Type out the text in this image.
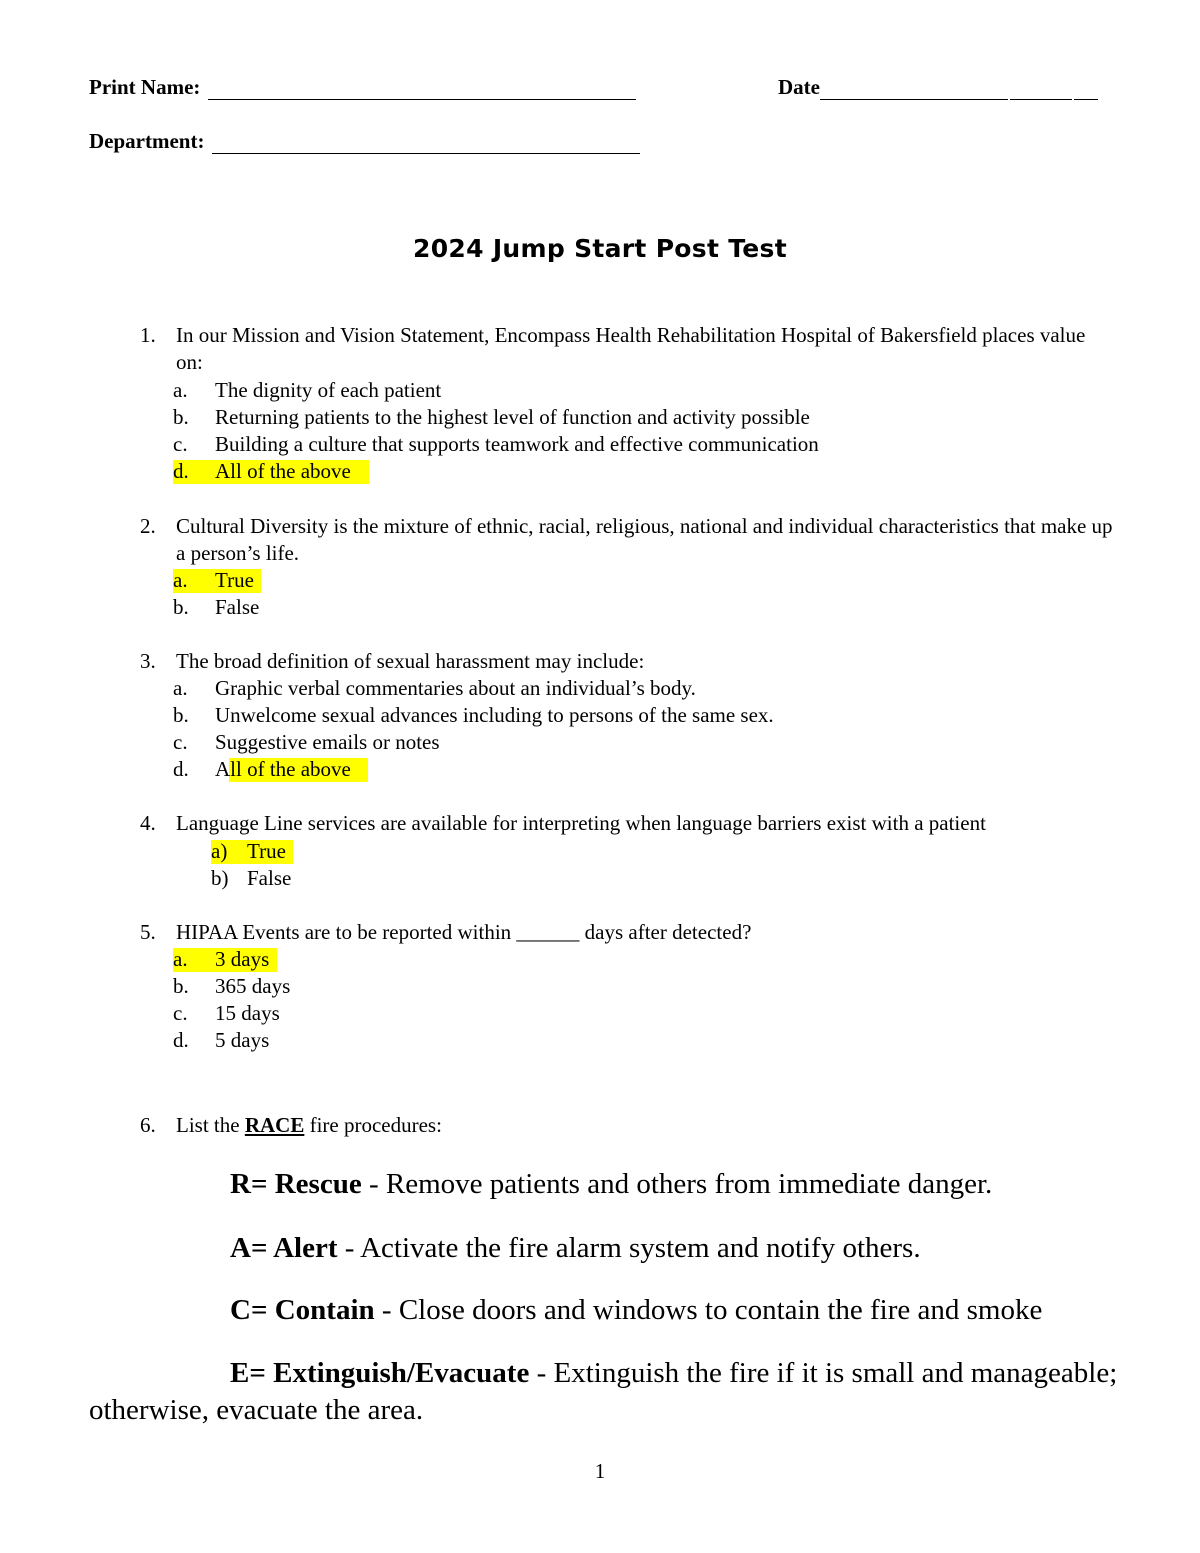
Print Name:	Date
Department:
2024 Jump Start Post Test
1. In our Mission and Vision Statement, Encompass Health Rehabilitation Hospital of Bakersfield places value on:
a. The dignity of each patient
b. Returning patients to the highest level of function and activity possible
c. Building a culture that supports teamwork and effective communication
d. All of the above
2. Cultural Diversity is the mixture of ethnic, racial, religious, national and individual characteristics that make up a person’s life.
a. True
b. False
3. The broad definition of sexual harassment may include:
a. Graphic verbal commentaries about an individual’s body.
b. Unwelcome sexual advances including to persons of the same sex.
c. Suggestive emails or notes
d. All of the above
4. Language Line services are available for interpreting when language barriers exist with a patient
a) True
b) False
5. HIPAA Events are to be reported within ______ days after detected?
a. 3 days
b. 365 days
c. 15 days
d. 5 days
6. List the RACE fire procedures:
R= Rescue - Remove patients and others from immediate danger.
A= Alert - Activate the fire alarm system and notify others.
C= Contain - Close doors and windows to contain the fire and smoke
E= Extinguish/Evacuate - Extinguish the fire if it is small and manageable; otherwise, evacuate the area.
1
